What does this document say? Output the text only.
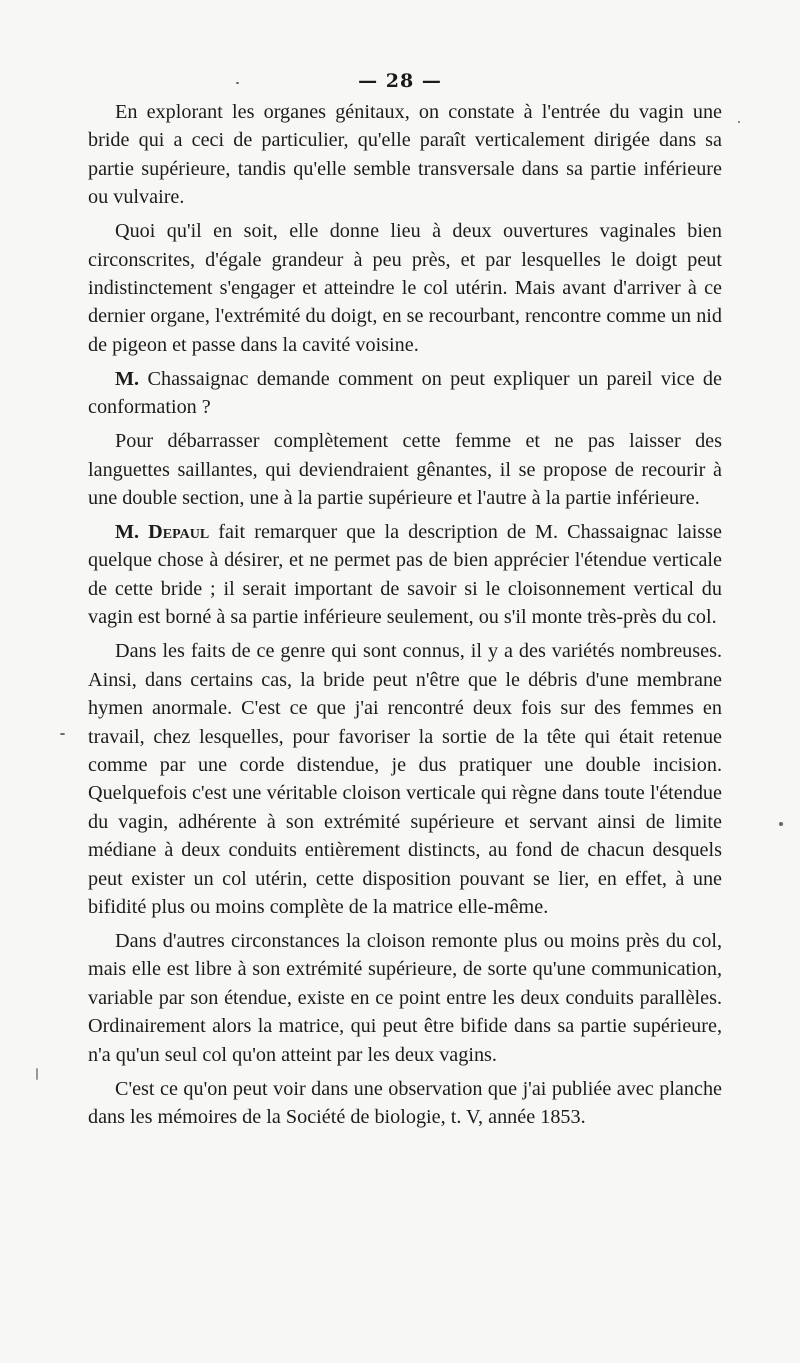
— 28 —

En explorant les organes génitaux, on constate à l'entrée du vagin une bride qui a ceci de particulier, qu'elle paraît verticalement dirigée dans sa partie supérieure, tandis qu'elle semble transversale dans sa partie inférieure ou vulvaire.

Quoi qu'il en soit, elle donne lieu à deux ouvertures vaginales bien circonscrites, d'égale grandeur à peu près, et par lesquelles le doigt peut indistinctement s'engager et atteindre le col utérin. Mais avant d'arriver à ce dernier organe, l'extrémité du doigt, en se recourbant, rencontre comme un nid de pigeon et passe dans la cavité voisine.

M. Chassaignac demande comment on peut expliquer un pareil vice de conformation ?

Pour débarrasser complètement cette femme et ne pas laisser des languettes saillantes, qui deviendraient gênantes, il se propose de recourir à une double section, une à la partie supérieure et l'autre à la partie inférieure.

M. Depaul fait remarquer que la description de M. Chassaignac laisse quelque chose à désirer, et ne permet pas de bien apprécier l'étendue verticale de cette bride ; il serait important de savoir si le cloisonnement vertical du vagin est borné à sa partie inférieure seulement, ou s'il monte très-près du col.

Dans les faits de ce genre qui sont connus, il y a des variétés nombreuses. Ainsi, dans certains cas, la bride peut n'être que le débris d'une membrane hymen anormale. C'est ce que j'ai rencontré deux fois sur des femmes en travail, chez lesquelles, pour favoriser la sortie de la tête qui était retenue comme par une corde distendue, je dus pratiquer une double incision. Quelquefois c'est une véritable cloison verticale qui règne dans toute l'étendue du vagin, adhérente à son extrémité supérieure et servant ainsi de limite médiane à deux conduits entièrement distincts, au fond de chacun desquels peut exister un col utérin, cette disposition pouvant se lier, en effet, à une bifidité plus ou moins complète de la matrice elle-même.

Dans d'autres circonstances la cloison remonte plus ou moins près du col, mais elle est libre à son extrémité supérieure, de sorte qu'une communication, variable par son étendue, existe en ce point entre les deux conduits parallèles. Ordinairement alors la matrice, qui peut être bifide dans sa partie supérieure, n'a qu'un seul col qu'on atteint par les deux vagins.

C'est ce qu'on peut voir dans une observation que j'ai publiée avec planche dans les mémoires de la Société de biologie, t. V, année 1853.
